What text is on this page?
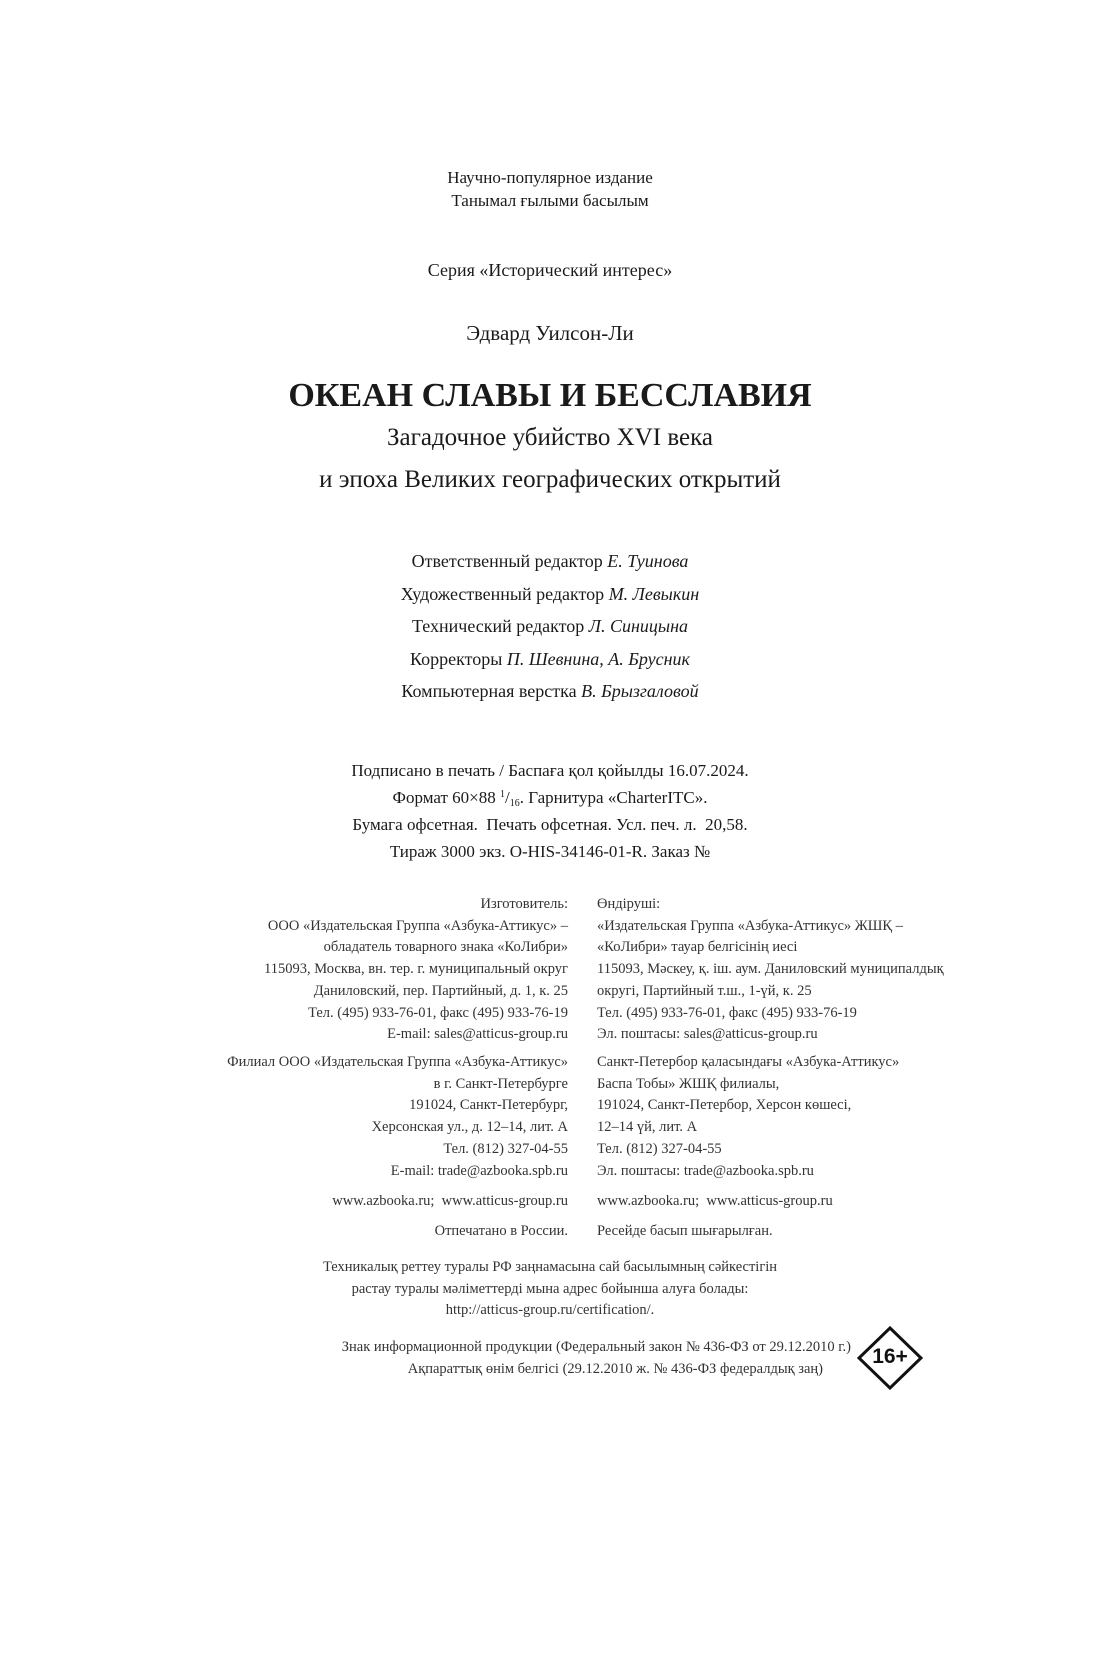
Научно-популярное издание
Танымал ғылыми басылым
Серия «Исторический интерес»
Эдвард Уилсон-Ли
ОКЕАН СЛАВЫ И БЕССЛАВИЯ
Загадочное убийство XVI века
и эпоха Великих географических открытий
Ответственный редактор Е. Туинова
Художественный редактор М. Левыкин
Технический редактор Л. Синицына
Корректоры П. Шевнина, А. Брусник
Компьютерная верстка В. Брызгаловой
Подписано в печать / Баспаға қол қойылды 16.07.2024.
Формат 60×88 $^1/_{16}$. Гарнитура «CharterITC».
Бумага офсетная.  Печать офсетная. Усл. печ. л.  20,58.
Тираж 3000 экз. O-HIS-34146-01-R. Заказ №
Изготовитель:
ООО «Издательская Группа «Азбука-Аттикус» –
обладатель товарного знака «КоЛибри»
115093, Москва, вн. тер. г. муниципальный округ
Даниловский, пер. Партийный, д. 1, к. 25
Тел. (495) 933-76-01, факс (495) 933-76-19
E-mail: sales@atticus-group.ru
Өндіруші:
«Издательская Группа «Азбука-Аттикус» ЖШҚ –
«КоЛибри» тауар белгісінің иесі
115093, Мәскеу, қ. іш. аум. Даниловский муниципалдық
округі, Партийный т.ш., 1-үй, к. 25
Тел. (495) 933-76-01, факс (495) 933-76-19
Эл. поштасы: sales@atticus-group.ru
Филиал ООО «Издательская Группа «Азбука-Аттикус»
в г. Санкт-Петербурге
191024, Санкт-Петербург,
Херсонская ул., д. 12–14, лит. А
Тел. (812) 327-04-55
E-mail: trade@azbooka.spb.ru
Санкт-Петербор қаласындағы «Азбука-Аттикус»
Баспа Тобы» ЖШҚ филиалы,
191024, Санкт-Петербор, Херсон көшесі,
12–14 үй, лит. А
Тел. (812) 327-04-55
Эл. поштасы: trade@azbooka.spb.ru
www.azbooka.ru;  www.atticus-group.ru www.azbooka.ru;  www.atticus-group.ru
Отпечатано в России. Ресейде басып шығарылған.
Техникалық реттеу туралы РФ заңнамасына сай басылымның сәйкестігін
растау туралы мәліметтерді мына адрес бойынша алуға болады:
http://atticus-group.ru/certification/.
Знак информационной продукции (Федеральный закон № 436-ФЗ от 29.12.2010 г.)
Ақпараттық өнім белгісі (29.12.2010 ж. № 436-ФЗ федералдық заң)
16+
